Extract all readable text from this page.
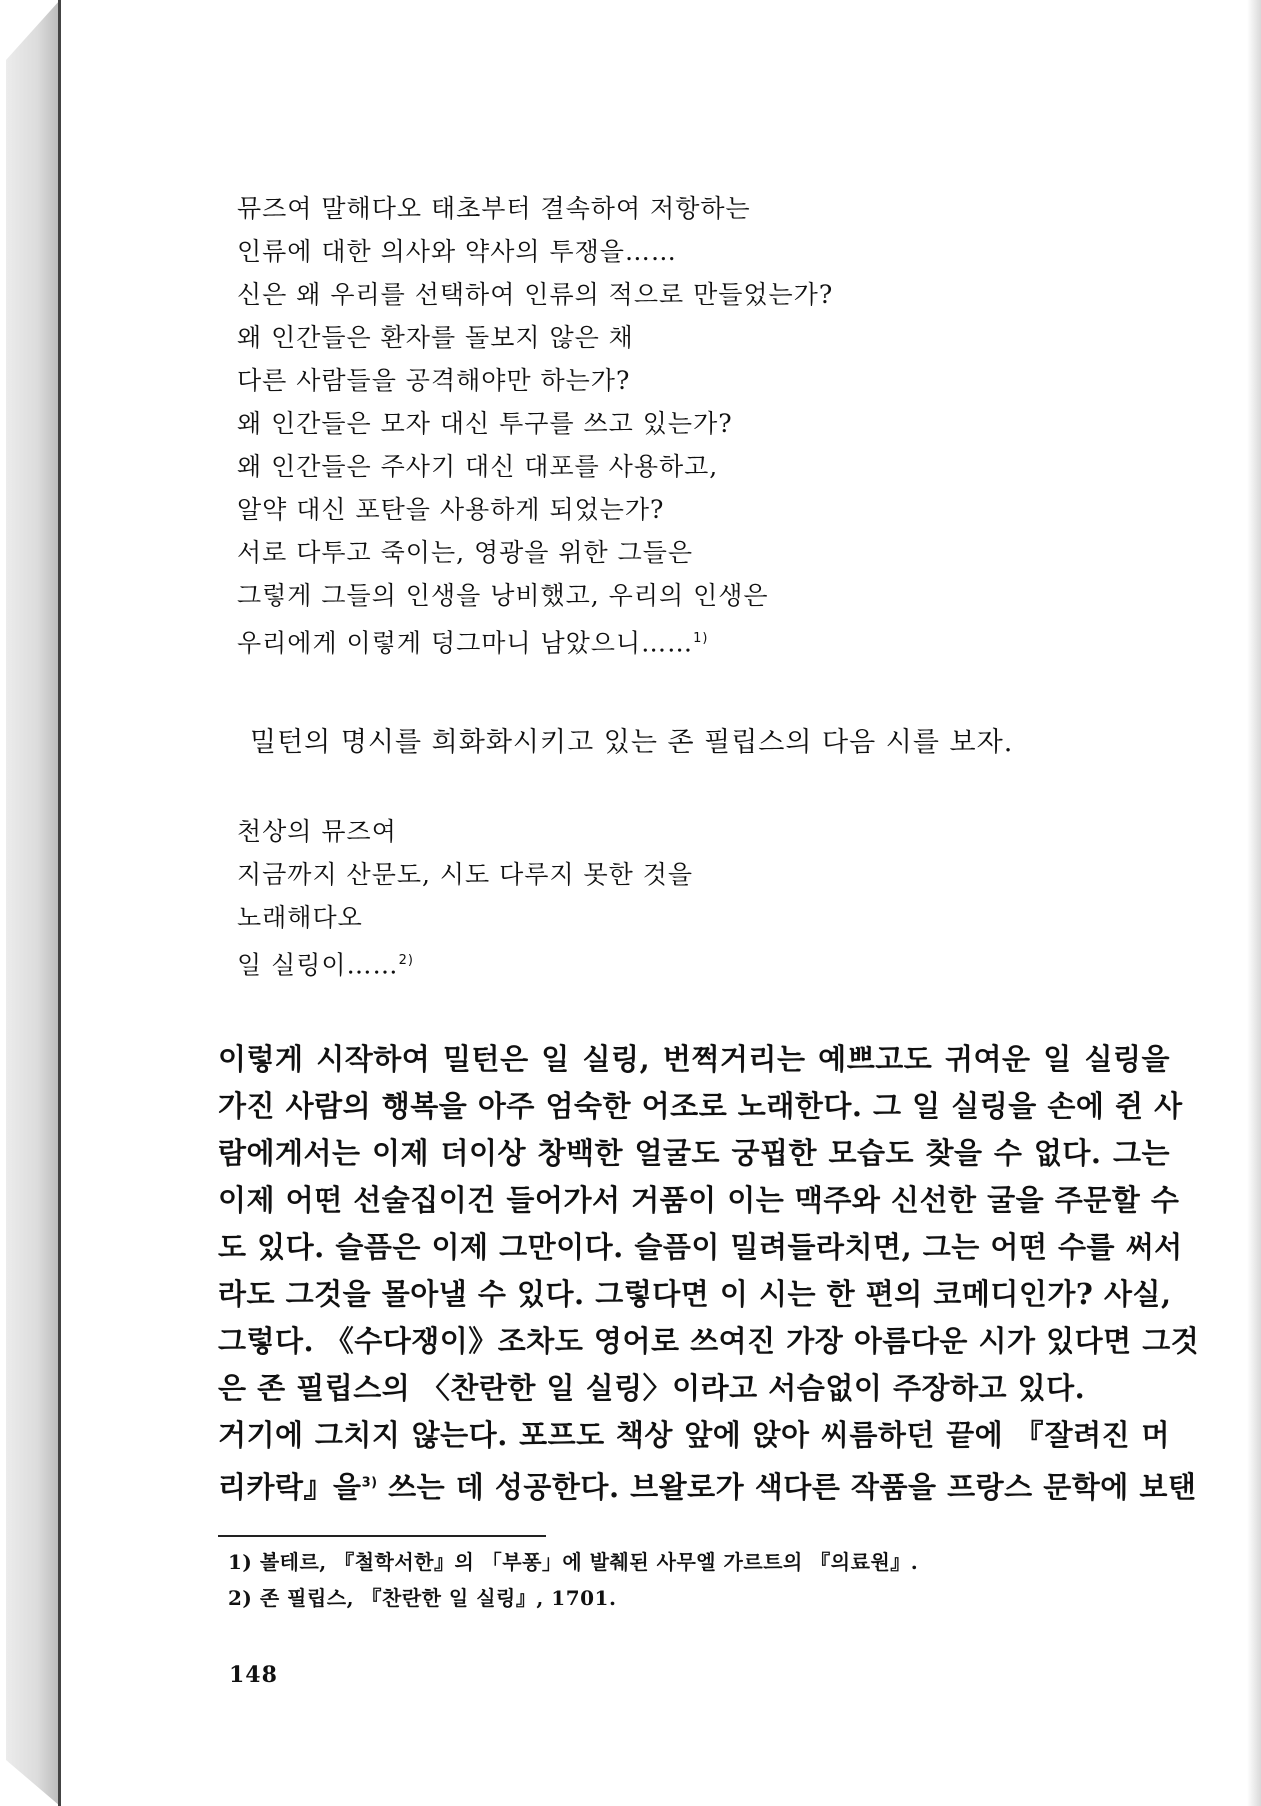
뮤즈여 말해다오 태초부터 결속하여 저항하는
인류에 대한 의사와 약사의 투쟁을……
신은 왜 우리를 선택하여 인류의 적으로 만들었는가?
왜 인간들은 환자를 돌보지 않은 채
다른 사람들을 공격해야만 하는가?
왜 인간들은 모자 대신 투구를 쓰고 있는가?
왜 인간들은 주사기 대신 대포를 사용하고,
알약 대신 포탄을 사용하게 되었는가?
서로 다투고 죽이는, 영광을 위한 그들은
그렇게 그들의 인생을 낭비했고, 우리의 인생은
우리에게 이렇게 덩그마니 남았으니……$^{1)}$
밀턴의 명시를 희화화시키고 있는 존 필립스의 다음 시를 보자.
천상의 뮤즈여
지금까지 산문도, 시도 다루지 못한 것을
노래해다오
일 실링이……$^{2)}$
이렇게 시작하여 밀턴은 일 실링, 번쩍거리는 예쁘고도 귀여운 일 실링을
가진 사람의 행복을 아주 엄숙한 어조로 노래한다. 그 일 실링을 손에 쥔 사
람에게서는 이제 더이상 창백한 얼굴도 궁핍한 모습도 찾을 수 없다. 그는
이제 어떤 선술집이건 들어가서 거품이 이는 맥주와 신선한 굴을 주문할 수
도 있다. 슬픔은 이제 그만이다. 슬픔이 밀려들라치면, 그는 어떤 수를 써서
라도 그것을 몰아낼 수 있다. 그렇다면 이 시는 한 편의 코메디인가? 사실,
그렇다. 《수다쟁이》조차도 영어로 쓰여진 가장 아름다운 시가 있다면 그것
은 존 필립스의 〈찬란한 일 실링〉이라고 서슴없이 주장하고 있다.
거기에 그치지 않는다. 포프도 책상 앞에 앉아 씨름하던 끝에 『잘려진 머
리카락』을$^{3)}$ 쓰는 데 성공한다. 브왈로가 색다른 작품을 프랑스 문학에 보탠
1) 볼테르, 『철학서한』의 「부퐁」에 발췌된 사무엘 가르트의 『의료원』.
2) 존 필립스, 『찬란한 일 실링』, 1701.
148
